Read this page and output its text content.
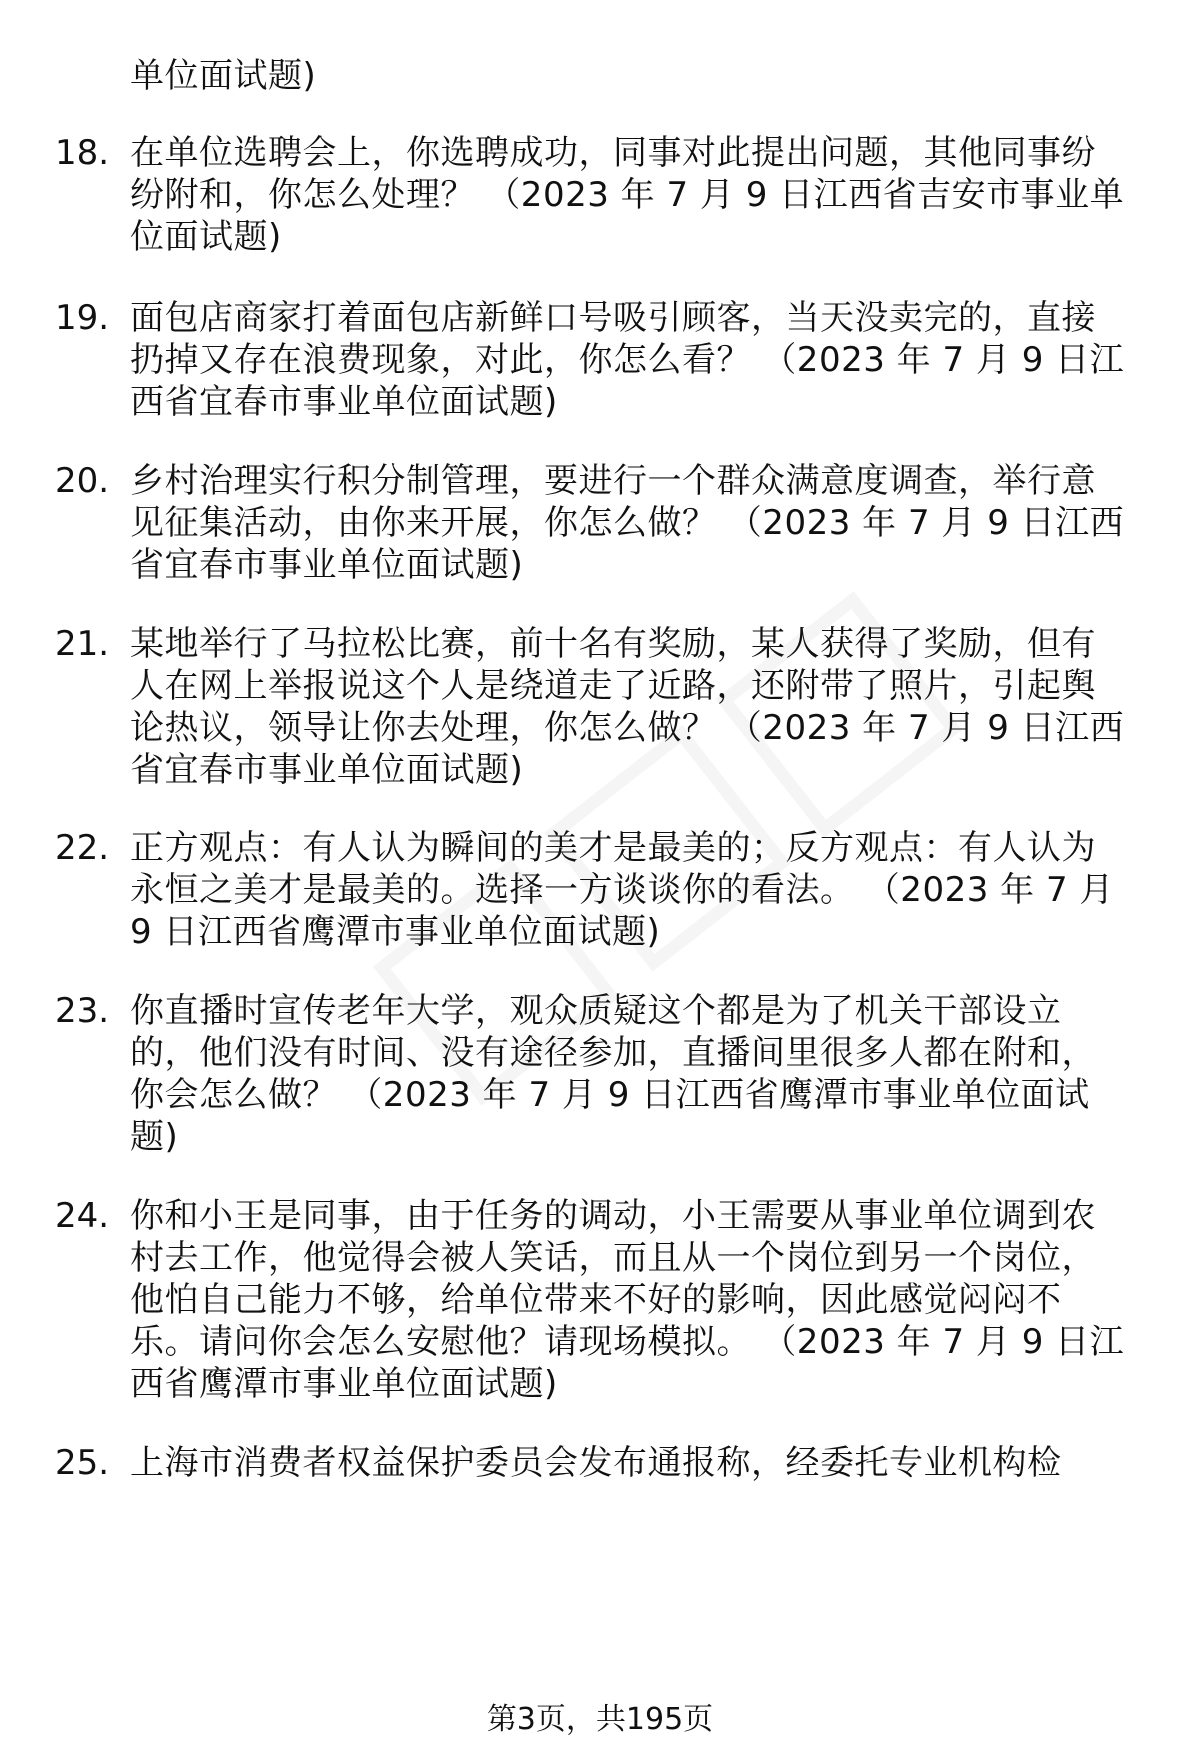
单位面试题)
18. 在单位选聘会上，你选聘成功，同事对此提出问题，其他同事纷
纷附和，你怎么处理？ （2023 年 7 月 9 日江西省吉安市事业单
位面试题)
19. 面包店商家打着面包店新鲜口号吸引顾客，当天没卖完的，直接
扔掉又存在浪费现象，对此，你怎么看？ （2023 年 7 月 9 日江
西省宜春市事业单位面试题)
20. 乡村治理实行积分制管理，要进行一个群众满意度调查，举行意
见征集活动，由你来开展，你怎么做？ （2023 年 7 月 9 日江西
省宜春市事业单位面试题)
21. 某地举行了马拉松比赛，前十名有奖励，某人获得了奖励，但有
人在网上举报说这个人是绕道走了近路，还附带了照片，引起舆
论热议，领导让你去处理，你怎么做？ （2023 年 7 月 9 日江西
省宜春市事业单位面试题)
22. 正方观点：有人认为瞬间的美才是最美的；反方观点：有人认为
永恒之美才是最美的。选择一方谈谈你的看法。 （2023 年 7 月
9 日江西省鹰潭市事业单位面试题)
23. 你直播时宣传老年大学，观众质疑这个都是为了机关干部设立
的，他们没有时间、没有途径参加，直播间里很多人都在附和，
你会怎么做？ （2023 年 7 月 9 日江西省鹰潭市事业单位面试
题)
24. 你和小王是同事，由于任务的调动，小王需要从事业单位调到农
村去工作，他觉得会被人笑话，而且从一个岗位到另一个岗位，
他怕自己能力不够，给单位带来不好的影响，因此感觉闷闷不
乐。请问你会怎么安慰他？请现场模拟。 （2023 年 7 月 9 日江
西省鹰潭市事业单位面试题)
25. 上海市消费者权益保护委员会发布通报称，经委托专业机构检
第3页，共195页
